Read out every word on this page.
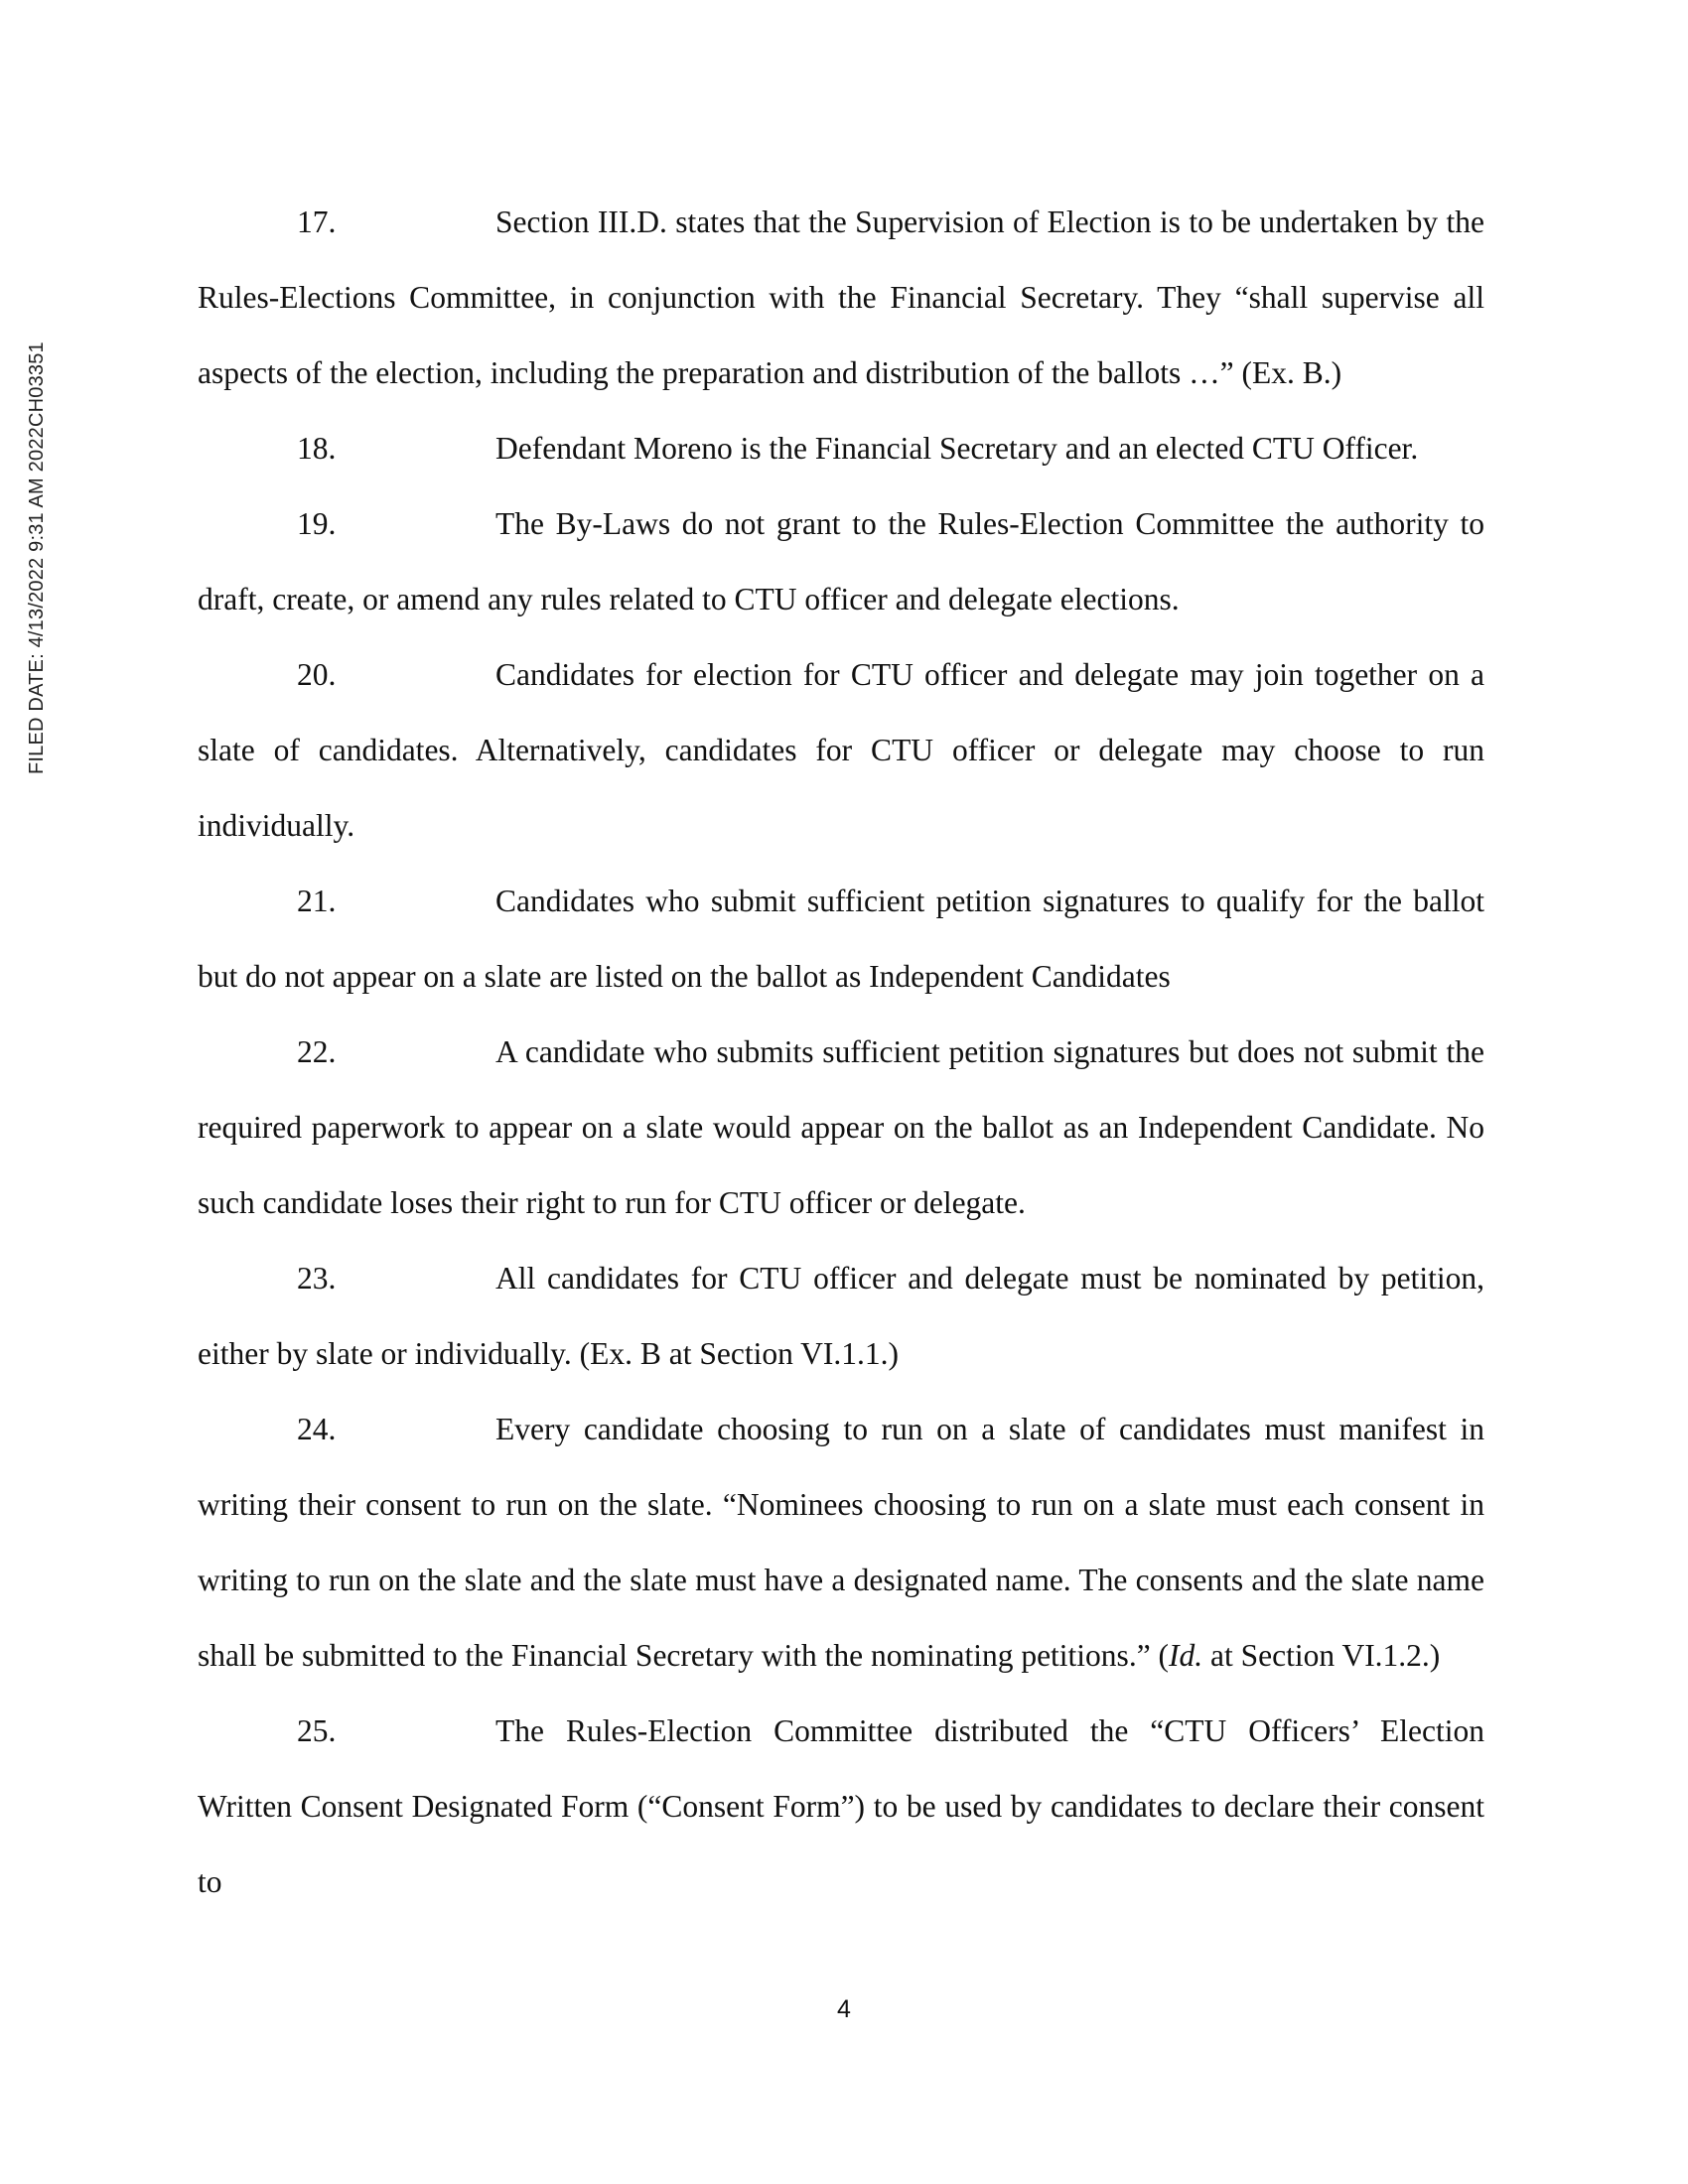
FILED DATE: 4/13/2022 9:31 AM 2022CH03351

17.	Section III.D. states that the Supervision of Election is to be undertaken by the Rules-Elections Committee, in conjunction with the Financial Secretary. They “shall supervise all aspects of the election, including the preparation and distribution of the ballots …” (Ex. B.)

18.	Defendant Moreno is the Financial Secretary and an elected CTU Officer.

19.	The By-Laws do not grant to the Rules-Election Committee the authority to draft, create, or amend any rules related to CTU officer and delegate elections.

20.	Candidates for election for CTU officer and delegate may join together on a slate of candidates. Alternatively, candidates for CTU officer or delegate may choose to run individually.

21.	Candidates who submit sufficient petition signatures to qualify for the ballot but do not appear on a slate are listed on the ballot as Independent Candidates

22.	A candidate who submits sufficient petition signatures but does not submit the required paperwork to appear on a slate would appear on the ballot as an Independent Candidate. No such candidate loses their right to run for CTU officer or delegate.

23.	All candidates for CTU officer and delegate must be nominated by petition, either by slate or individually. (Ex. B at Section VI.1.1.)

24.	Every candidate choosing to run on a slate of candidates must manifest in writing their consent to run on the slate. “Nominees choosing to run on a slate must each consent in writing to run on the slate and the slate must have a designated name. The consents and the slate name shall be submitted to the Financial Secretary with the nominating petitions.” (Id. at Section VI.1.2.)

25.	The Rules-Election Committee distributed the “CTU Officers’ Election Written Consent Designated Form (“Consent Form”) to be used by candidates to declare their consent to

4
